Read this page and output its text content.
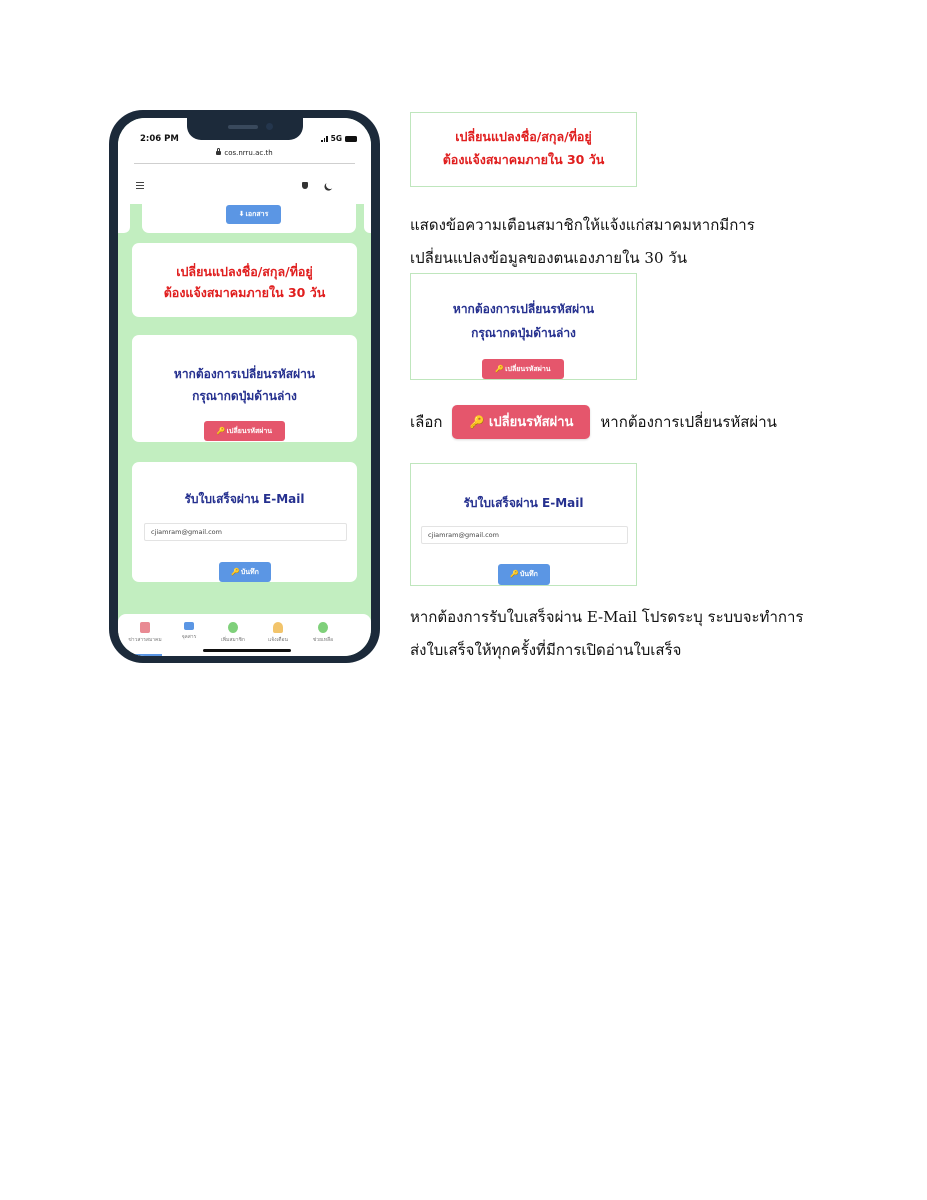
2:06 PM	5G
cos.nrru.ac.th
⬇เอกสาร
เปลี่ยนแปลงชื่อ/สกุล/ที่อยู่
ต้องแจ้งสมาคมภายใน 30 วัน
หากต้องการเปลี่ยนรหัสผ่าน
กรุณากดปุ่มด้านล่าง
🔑เปลี่ยนรหัสผ่าน
รับใบเสร็จผ่าน E-Mail
cjiamram@gmail.com
🔑บันทึก
ข่าวสารสมาคม	จุลสาร	เพิ่มสมาชิก	แจ้งเตือน	ช่วยเหลือ
เปลี่ยนแปลงชื่อ/สกุล/ที่อยู่
ต้องแจ้งสมาคมภายใน 30 วัน
แสดงข้อความเตือนสมาชิกให้แจ้งแก่สมาคมหากมีการ
เปลี่ยนแปลงข้อมูลของตนเองภายใน 30 วัน
หากต้องการเปลี่ยนรหัสผ่าน
กรุณากดปุ่มด้านล่าง
🔑เปลี่ยนรหัสผ่าน
เลือก	🔑 เปลี่ยนรหัสผ่าน	หากต้องการเปลี่ยนรหัสผ่าน
รับใบเสร็จผ่าน E-Mail
cjiamram@gmail.com
🔑บันทึก
หากต้องการรับใบเสร็จผ่าน E-Mail โปรดระบุ ระบบจะทำการ
ส่งใบเสร็จให้ทุกครั้งที่มีการเปิดอ่านใบเสร็จ
